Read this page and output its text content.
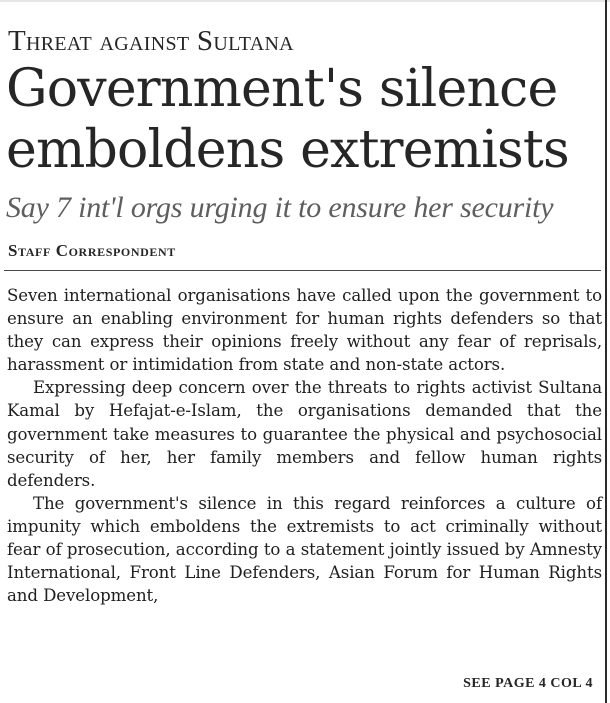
Threat against Sultana
Government's silence
emboldens extremists
Say 7 int'l orgs urging it to ensure her security
Staff Correspondent

Seven international organisations have called upon the government to ensure an enabling environment for human rights defenders so that they can express their opinions freely without any fear of reprisals, harassment or intimidation from state and non-state actors.

Expressing deep concern over the threats to rights activist Sultana Kamal by Hefajat-e-Islam, the organisations demanded that the government take measures to guarantee the physical and psychosocial security of her, her family members and fellow human rights defenders.

The government's silence in this regard reinforces a culture of impunity which emboldens the extremists to act criminally without fear of prosecution, according to a statement jointly issued by Amnesty International, Front Line Defenders, Asian Forum for Human Rights and Development,

SEE PAGE 4 COL 4
